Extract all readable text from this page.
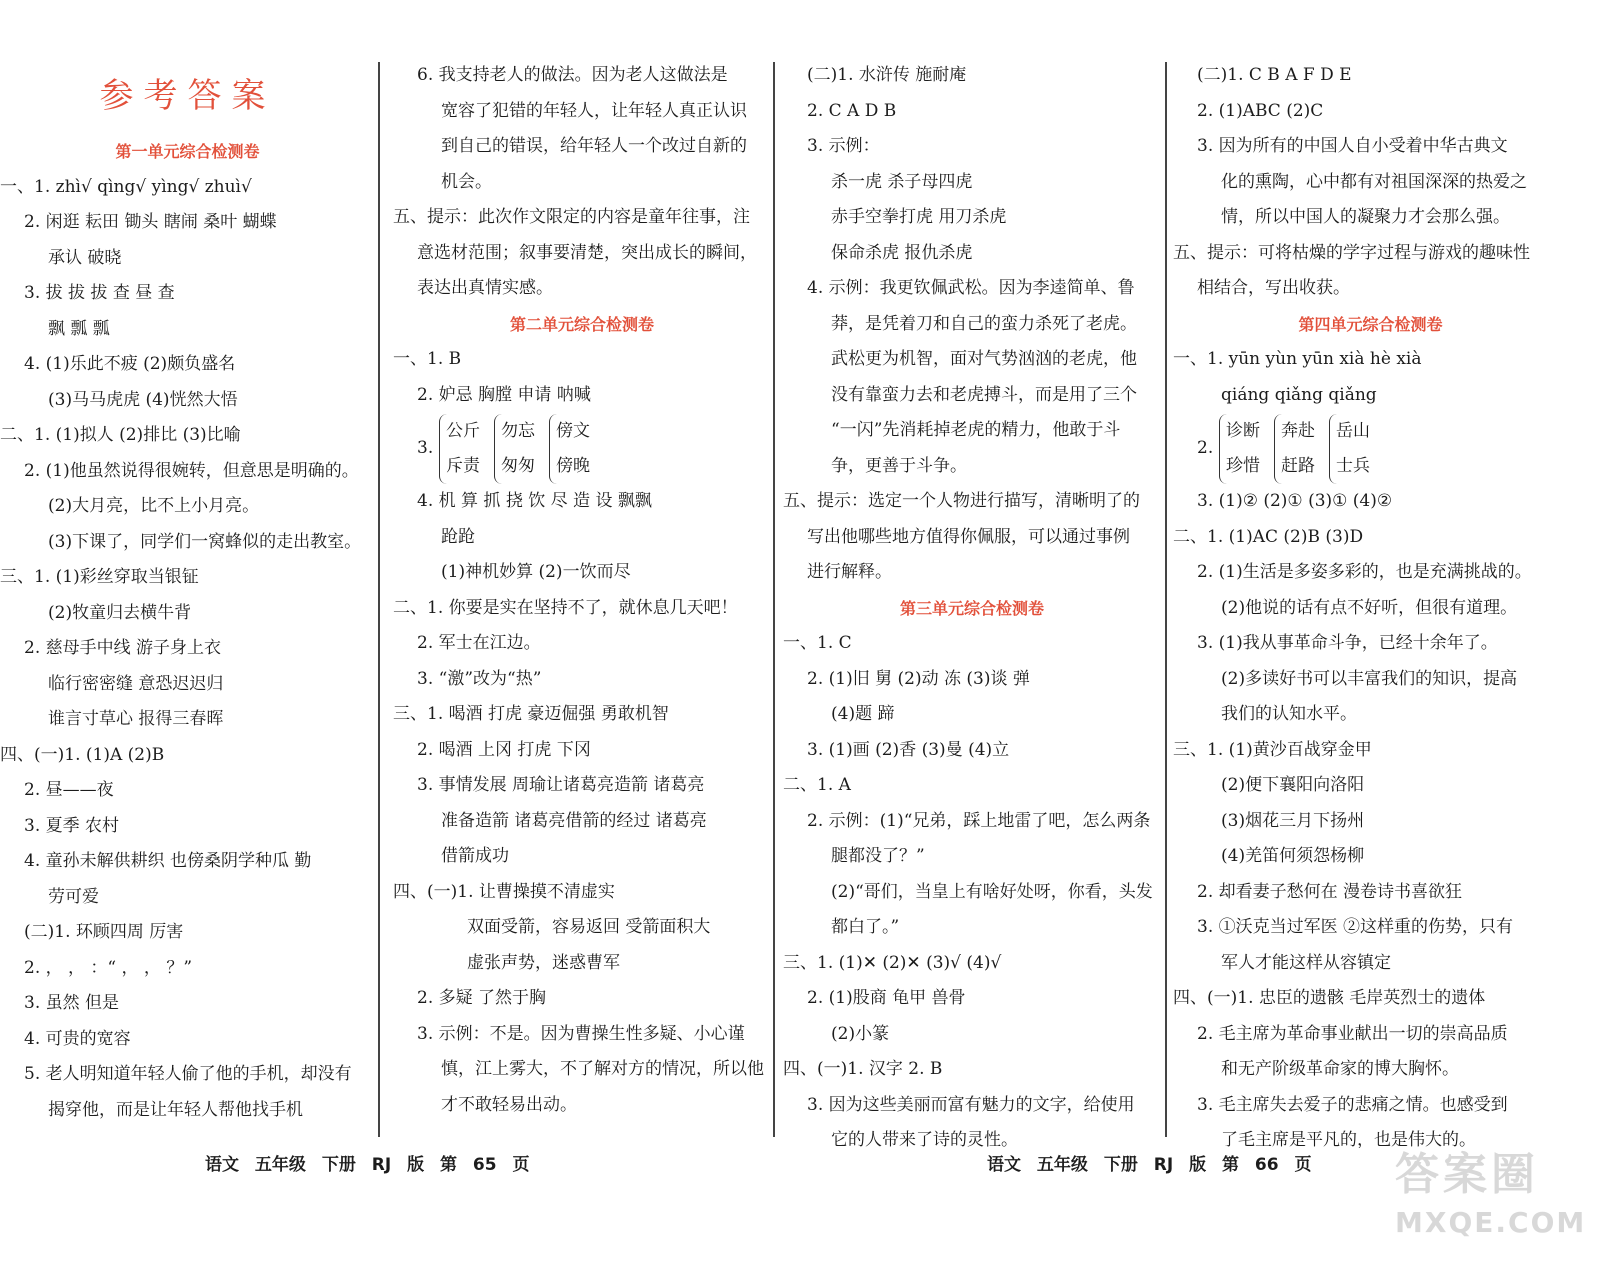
参考答案
第一单元综合检测卷
一、1. zhì√ qìng√ yìng√ zhuì√
2. 闲逛 耘田 锄头 瞎闹 桑叶 蝴蝶
承认 破晓
3. 拔 拔 拔 查 昼 查
飘 瓢 瓢
4. (1)乐此不疲 (2)颇负盛名
(3)马马虎虎 (4)恍然大悟
二、1. (1)拟人 (2)排比 (3)比喻
2. (1)他虽然说得很婉转，但意思是明确的。
(2)大月亮，比不上小月亮。
(3)下课了，同学们一窝蜂似的走出教室。
三、1. (1)彩丝穿取当银钲
(2)牧童归去横牛背
2. 慈母手中线 游子身上衣
临行密密缝 意恐迟迟归
谁言寸草心 报得三春晖
四、(一)1. (1)A (2)B
2. 昼——夜
3. 夏季 农村
4. 童孙未解供耕织 也傍桑阴学种瓜 勤
劳可爱
(二)1. 环顾四周 厉害
2. ， ， ：“ ， ， ？”
3. 虽然 但是
4. 可贵的宽容
5. 老人明知道年轻人偷了他的手机，却没有
揭穿他，而是让年轻人帮他找手机
6. 我支持老人的做法。因为老人这做法是
宽容了犯错的年轻人，让年轻人真正认识
到自己的错误，给年轻人一个改过自新的
机会。
五、提示：此次作文限定的内容是童年往事，注
意选材范围；叙事要清楚，突出成长的瞬间，
表达出真情实感。
第二单元综合检测卷
一、1. B
2. 妒忌 胸膛 申请 呐喊
3.
公斤
斥责
勿忘
匆匆
傍文
傍晚
4. 机 算 抓 挠 饮 尽 造 设 飘飘
跄跄
(1)神机妙算 (2)一饮而尽
二、1. 你要是实在坚持不了，就休息几天吧！
2. 军士在江边。
3. “激”改为“热”
三、1. 喝酒 打虎 豪迈倔强 勇敢机智
2. 喝酒 上冈 打虎 下冈
3. 事情发展 周瑜让诸葛亮造箭 诸葛亮
准备造箭 诸葛亮借箭的经过 诸葛亮
借箭成功
四、(一)1. 让曹操摸不清虚实
双面受箭，容易返回 受箭面积大
虚张声势，迷惑曹军
2. 多疑 了然于胸
3. 示例：不是。因为曹操生性多疑、小心谨
慎，江上雾大，不了解对方的情况，所以他
才不敢轻易出动。
(二)1. 水浒传 施耐庵
2. C A D B
3. 示例：
杀一虎 杀子母四虎
赤手空拳打虎 用刀杀虎
保命杀虎 报仇杀虎
4. 示例：我更钦佩武松。因为李逵简单、鲁
莽，是凭着刀和自己的蛮力杀死了老虎。
武松更为机智，面对气势汹汹的老虎，他
没有靠蛮力去和老虎搏斗，而是用了三个
“一闪”先消耗掉老虎的精力，他敢于斗
争，更善于斗争。
五、提示：选定一个人物进行描写，清晰明了的
写出他哪些地方值得你佩服，可以通过事例
进行解释。
第三单元综合检测卷
一、1. C
2. (1)旧 舅 (2)动 冻 (3)谈 弹
(4)题 蹄
3. (1)画 (2)香 (3)曼 (4)立
二、1. A
2. 示例：(1)“兄弟，踩上地雷了吧，怎么两条
腿都没了？”
(2)“哥们，当皇上有啥好处呀，你看，头发
都白了。”
三、1. (1)✕ (2)✕ (3)√ (4)√
2. (1)股商 龟甲 兽骨
(2)小篆
四、(一)1. 汉字 2. B
3. 因为这些美丽而富有魅力的文字，给使用
它的人带来了诗的灵性。
(二)1. C B A F D E
2. (1)ABC (2)C
3. 因为所有的中国人自小受着中华古典文
化的熏陶，心中都有对祖国深深的热爱之
情，所以中国人的凝聚力才会那么强。
五、提示：可将枯燥的学字过程与游戏的趣味性
相结合，写出收获。
第四单元综合检测卷
一、1. yūn yùn yūn xià hè xià
qiáng qiǎng qiǎng
2.
诊断
珍惜
奔赴
赶路
岳山
士兵
3. (1)② (2)① (3)① (4)②
二、1. (1)AC (2)B (3)D
2. (1)生活是多姿多彩的，也是充满挑战的。
(2)他说的话有点不好听，但很有道理。
3. (1)我从事革命斗争，已经十余年了。
(2)多读好书可以丰富我们的知识，提高
我们的认知水平。
三、1. (1)黄沙百战穿金甲
(2)便下襄阳向洛阳
(3)烟花三月下扬州
(4)羌笛何须怨杨柳
2. 却看妻子愁何在 漫卷诗书喜欲狂
3. ①沃克当过军医 ②这样重的伤势，只有
军人才能这样从容镇定
四、(一)1. 忠臣的遗骸 毛岸英烈士的遗体
2. 毛主席为革命事业献出一切的崇高品质
和无产阶级革命家的博大胸怀。
3. 毛主席失去爱子的悲痛之情。也感受到
了毛主席是平凡的，也是伟大的。
语文 五年级 下册 RJ 版 第 65 页	语文 五年级 下册 RJ 版 第 66 页 答案圈
MXQE.COM
